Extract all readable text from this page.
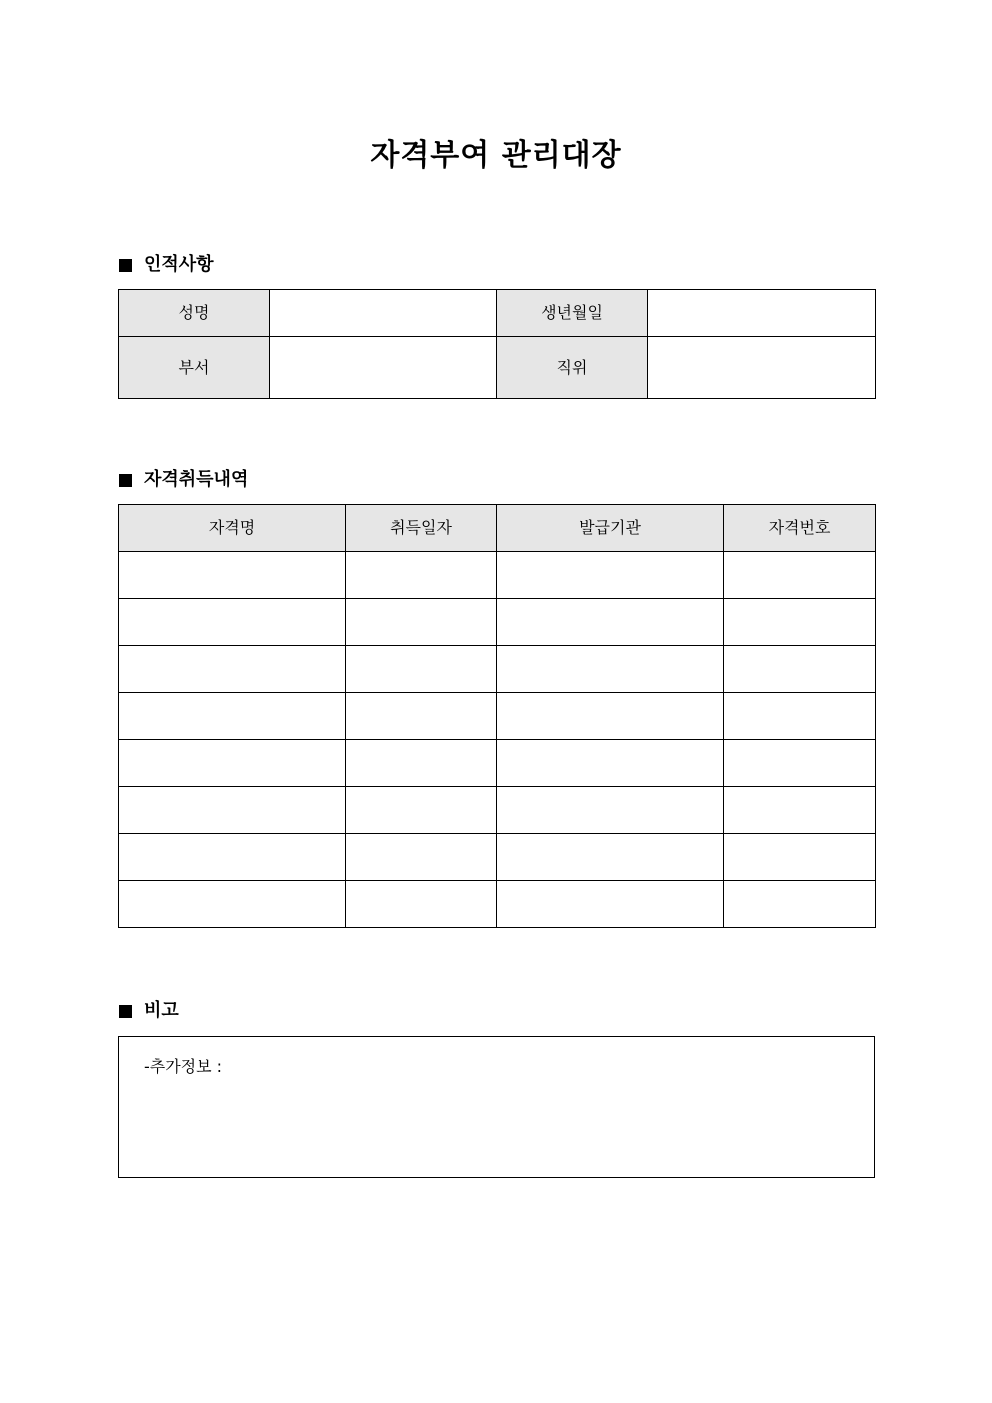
자격부여 관리대장
인적사항
성명		생년월일	
부서		직위	
자격취득내역
자격명	취득일자	발급기관	자격번호

비고
-추가정보 :
